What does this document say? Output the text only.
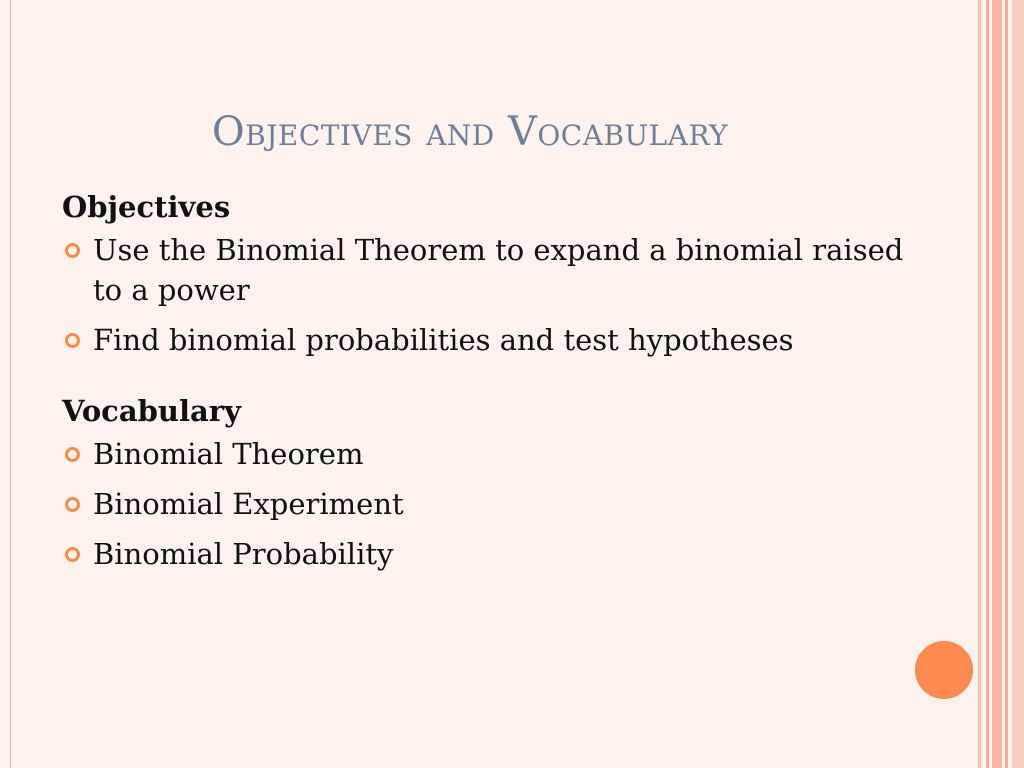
Objectives and Vocabulary

Objectives

Use the Binomial Theorem to expand a binomial raised to a power
Find binomial probabilities and test hypotheses

Vocabulary

Binomial Theorem
Binomial Experiment
Binomial Probability
